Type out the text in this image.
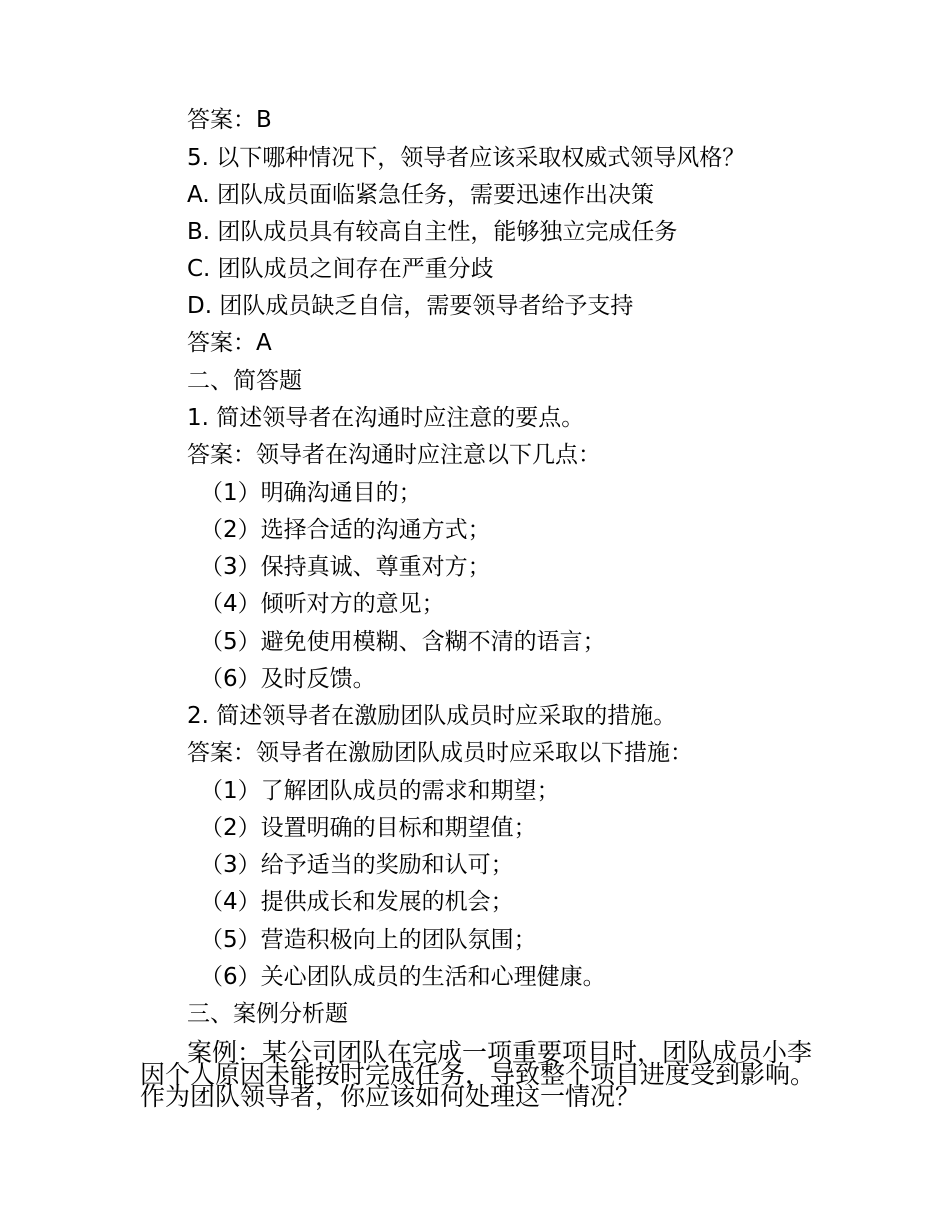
答案：B
5. 以下哪种情况下，领导者应该采取权威式领导风格？
A. 团队成员面临紧急任务，需要迅速作出决策
B. 团队成员具有较高自主性，能够独立完成任务
C. 团队成员之间存在严重分歧
D. 团队成员缺乏自信，需要领导者给予支持
答案：A
二、简答题
1. 简述领导者在沟通时应注意的要点。
答案：领导者在沟通时应注意以下几点：
（1）明确沟通目的；
（2）选择合适的沟通方式；
（3）保持真诚、尊重对方；
（4）倾听对方的意见；
（5）避免使用模糊、含糊不清的语言；
（6）及时反馈。
2. 简述领导者在激励团队成员时应采取的措施。
答案：领导者在激励团队成员时应采取以下措施：
（1）了解团队成员的需求和期望；
（2）设置明确的目标和期望值；
（3）给予适当的奖励和认可；
（4）提供成长和发展的机会；
（5）营造积极向上的团队氛围；
（6）关心团队成员的生活和心理健康。
三、案例分析题
案例：某公司团队在完成一项重要项目时，团队成员小李
因个人原因未能按时完成任务，导致整个项目进度受到影响。
作为团队领导者，你应该如何处理这一情况？
